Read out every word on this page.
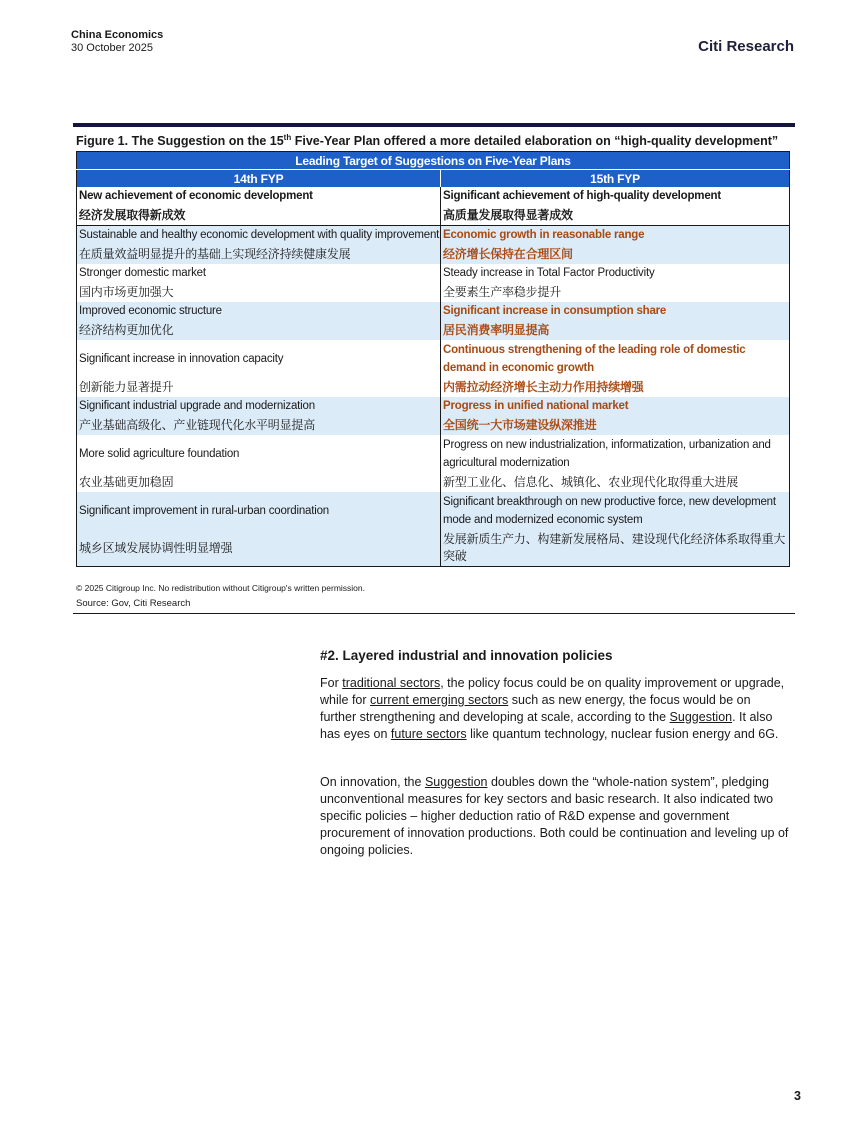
China Economics
30 October 2025	Citi Research
Figure 1. The Suggestion on the 15th Five-Year Plan offered a more detailed elaboration on “high-quality development”
Leading Target of Suggestions on Five-Year Plans	
14th FYP	15th FYP

New achievement of economic development	Significant achievement of high-quality development

经济发展取得新成效	高质量发展取得显著成效

Sustainable and healthy economic development with quality improvement	Economic growth in reasonable range

在质量效益明显提升的基础上实现经济持续健康发展	经济增长保持在合理区间

Stronger domestic market	Steady increase in Total Factor Productivity

国内市场更加强大	全要素生产率稳步提升

Improved economic structure	Significant increase in consumption share

经济结构更加优化	居民消费率明显提高

Significant increase in innovation capacity	Continuous strengthening of the leading role of domestic demand in economic growth

创新能力显著提升	内需拉动经济增长主动力作用持续增强

Significant industrial upgrade and modernization	Progress in unified national market

产业基础高级化、产业链现代化水平明显提高	全国统一大市场建设纵深推进

More solid agriculture foundation	Progress on new industrialization, informatization, urbanization and agricultural modernization

农业基础更加稳固	新型工业化、信息化、城镇化、农业现代化取得重大进展

Significant improvement in rural-urban coordination	Significant breakthrough on new productive force, new development mode and modernized economic system

城乡区域发展协调性明显增强	发展新质生产力、构建新发展格局、建设现代化经济体系取得重大突破
© 2025 Citigroup Inc. No redistribution without Citigroup's written permission.
Source: Gov, Citi Research
#2. Layered industrial and innovation policies
For traditional sectors, the policy focus could be on quality improvement or upgrade, while for current emerging sectors such as new energy, the focus would be on further strengthening and developing at scale, according to the Suggestion. It also has eyes on future sectors like quantum technology, nuclear fusion energy and 6G.
On innovation, the Suggestion doubles down the “whole-nation system”, pledging unconventional measures for key sectors and basic research. It also indicated two specific policies – higher deduction ratio of R&D expense and government procurement of innovation productions. Both could be continuation and leveling up of ongoing policies.
3
